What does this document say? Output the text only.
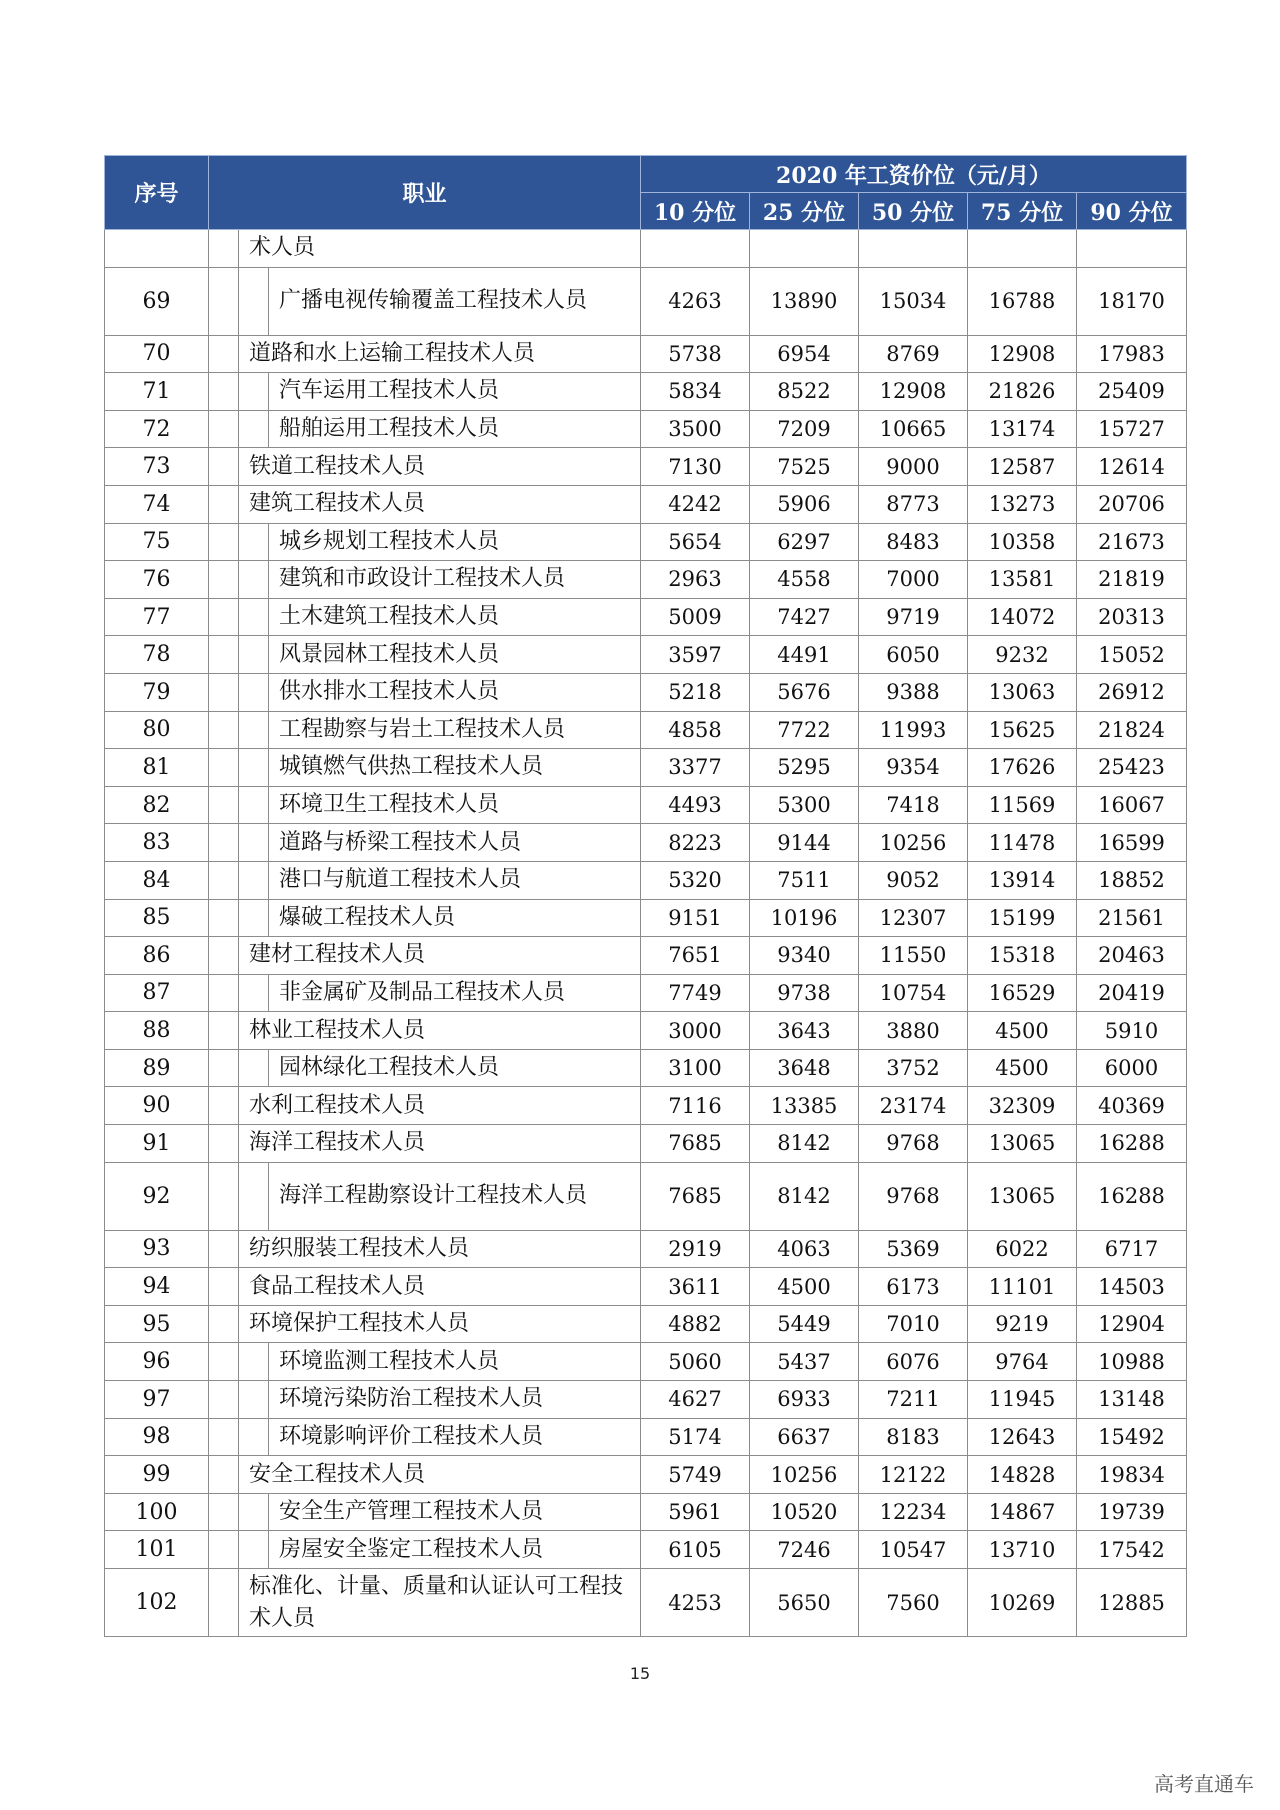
序号	职业			2020 年工资价位（元/月）				
				10 分位	25 分位	50 分位	75 分位	90 分位
		术人员						
69			广播电视传输覆盖工程技术人员	4263	13890	15034	16788	18170
70		道路和水上运输工程技术人员		5738	6954	8769	12908	17983
71			汽车运用工程技术人员	5834	8522	12908	21826	25409
72			船舶运用工程技术人员	3500	7209	10665	13174	15727
73		铁道工程技术人员		7130	7525	9000	12587	12614
74		建筑工程技术人员		4242	5906	8773	13273	20706
75			城乡规划工程技术人员	5654	6297	8483	10358	21673
76			建筑和市政设计工程技术人员	2963	4558	7000	13581	21819
77			土木建筑工程技术人员	5009	7427	9719	14072	20313
78			风景园林工程技术人员	3597	4491	6050	9232	15052
79			供水排水工程技术人员	5218	5676	9388	13063	26912
80			工程勘察与岩土工程技术人员	4858	7722	11993	15625	21824
81			城镇燃气供热工程技术人员	3377	5295	9354	17626	25423
82			环境卫生工程技术人员	4493	5300	7418	11569	16067
83			道路与桥梁工程技术人员	8223	9144	10256	11478	16599
84			港口与航道工程技术人员	5320	7511	9052	13914	18852
85			爆破工程技术人员	9151	10196	12307	15199	21561
86		建材工程技术人员		7651	9340	11550	15318	20463
87			非金属矿及制品工程技术人员	7749	9738	10754	16529	20419
88		林业工程技术人员		3000	3643	3880	4500	5910
89			园林绿化工程技术人员	3100	3648	3752	4500	6000
90		水利工程技术人员		7116	13385	23174	32309	40369
91		海洋工程技术人员		7685	8142	9768	13065	16288
92			海洋工程勘察设计工程技术人员	7685	8142	9768	13065	16288
93		纺织服装工程技术人员		2919	4063	5369	6022	6717
94		食品工程技术人员		3611	4500	6173	11101	14503
95		环境保护工程技术人员		4882	5449	7010	9219	12904
96			环境监测工程技术人员	5060	5437	6076	9764	10988
97			环境污染防治工程技术人员	4627	6933	7211	11945	13148
98			环境影响评价工程技术人员	5174	6637	8183	12643	15492
99		安全工程技术人员		5749	10256	12122	14828	19834
100			安全生产管理工程技术人员	5961	10520	12234	14867	19739
101			房屋安全鉴定工程技术人员	6105	7246	10547	13710	17542
102		标准化、计量、质量和认证认可工程技术人员		4253	5650	7560	10269	12885
15
高考直通车
